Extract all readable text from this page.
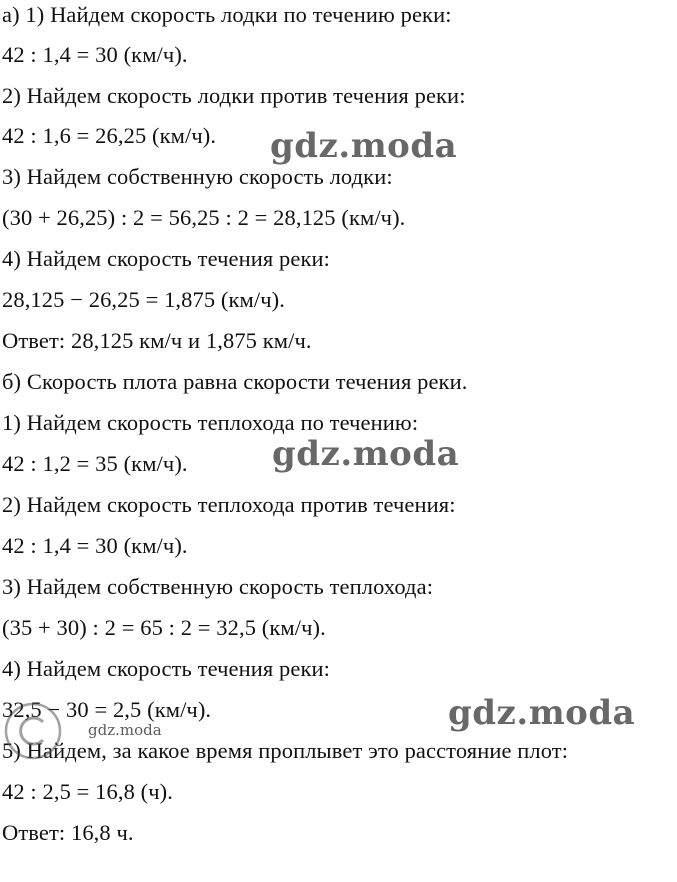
а) 1) Найдем скорость лодки по течению реки:
42 : 1,4 = 30 (км/ч).
2) Найдем скорость лодки против течения реки:
42 : 1,6 = 26,25 (км/ч).
3) Найдем собственную скорость лодки:
(30 + 26,25) : 2 = 56,25 : 2 = 28,125 (км/ч).
4) Найдем скорость течения реки:
28,125 − 26,25 = 1,875 (км/ч).
Ответ: 28,125 км/ч и 1,875 км/ч.
б) Скорость плота равна скорости течения реки.
1) Найдем скорость теплохода по течению:
42 : 1,2 = 35 (км/ч).
2) Найдем скорость теплохода против течения:
42 : 1,4 = 30 (км/ч).
3) Найдем собственную скорость теплохода:
(35 + 30) : 2 = 65 : 2 = 32,5 (км/ч).
4) Найдем скорость течения реки:
32,5 − 30 = 2,5 (км/ч).
5) Найдем, за какое время проплывет это расстояние плот:
42 : 2,5 = 16,8 (ч).
Ответ: 16,8 ч.
gdz.moda
gdz.moda
gdz.moda
gdz.moda
